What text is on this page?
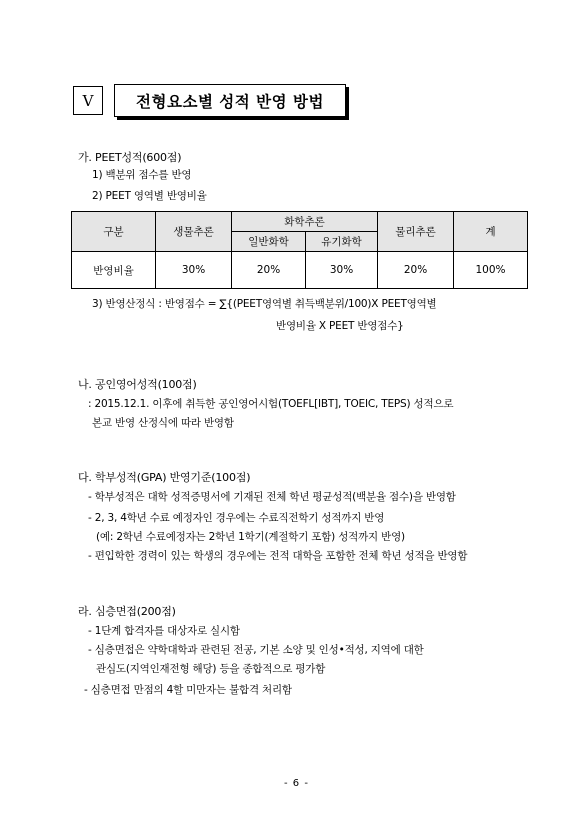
V	전형요소별 성적 반영 방법
가. PEET성적(600점)
1) 백분위 점수를 반영
2) PEET 영역별 반영비율
구분	생물추론	화학추론		물리추론	계
		일반화학	유기화학		
반영비율	30%	20%	30%	20%	100%
3) 반영산정식 : 반영점수 = ∑{(PEET영역별 취득백분위/100)X PEET영역별
반영비율 X PEET 반영점수}
나. 공인영어성적(100점)
: 2015.12.1. 이후에 취득한 공인영어시험(TOEFL[IBT], TOEIC, TEPS) 성적으로
본교 반영 산정식에 따라 반영함
다. 학부성적(GPA) 반영기준(100점)
- 학부성적은 대학 성적증명서에 기재된 전체 학년 평균성적(백분율 점수)을 반영함
- 2, 3, 4학년 수료 예정자인 경우에는 수료직전학기 성적까지 반영
(예: 2학년 수료예정자는 2학년 1학기(계절학기 포함) 성적까지 반영)
- 편입학한 경력이 있는 학생의 경우에는 전적 대학을 포함한 전체 학년 성적을 반영함
라. 심층면접(200점)
- 1단계 합격자를 대상자로 실시함
- 심층면접은 약학대학과 관련된 전공, 기본 소양 및 인성•적성, 지역에 대한
관심도(지역인재전형 해당) 등을 종합적으로 평가함
- 심층면접 만점의 4할 미만자는 불합격 처리함
- 6 -
